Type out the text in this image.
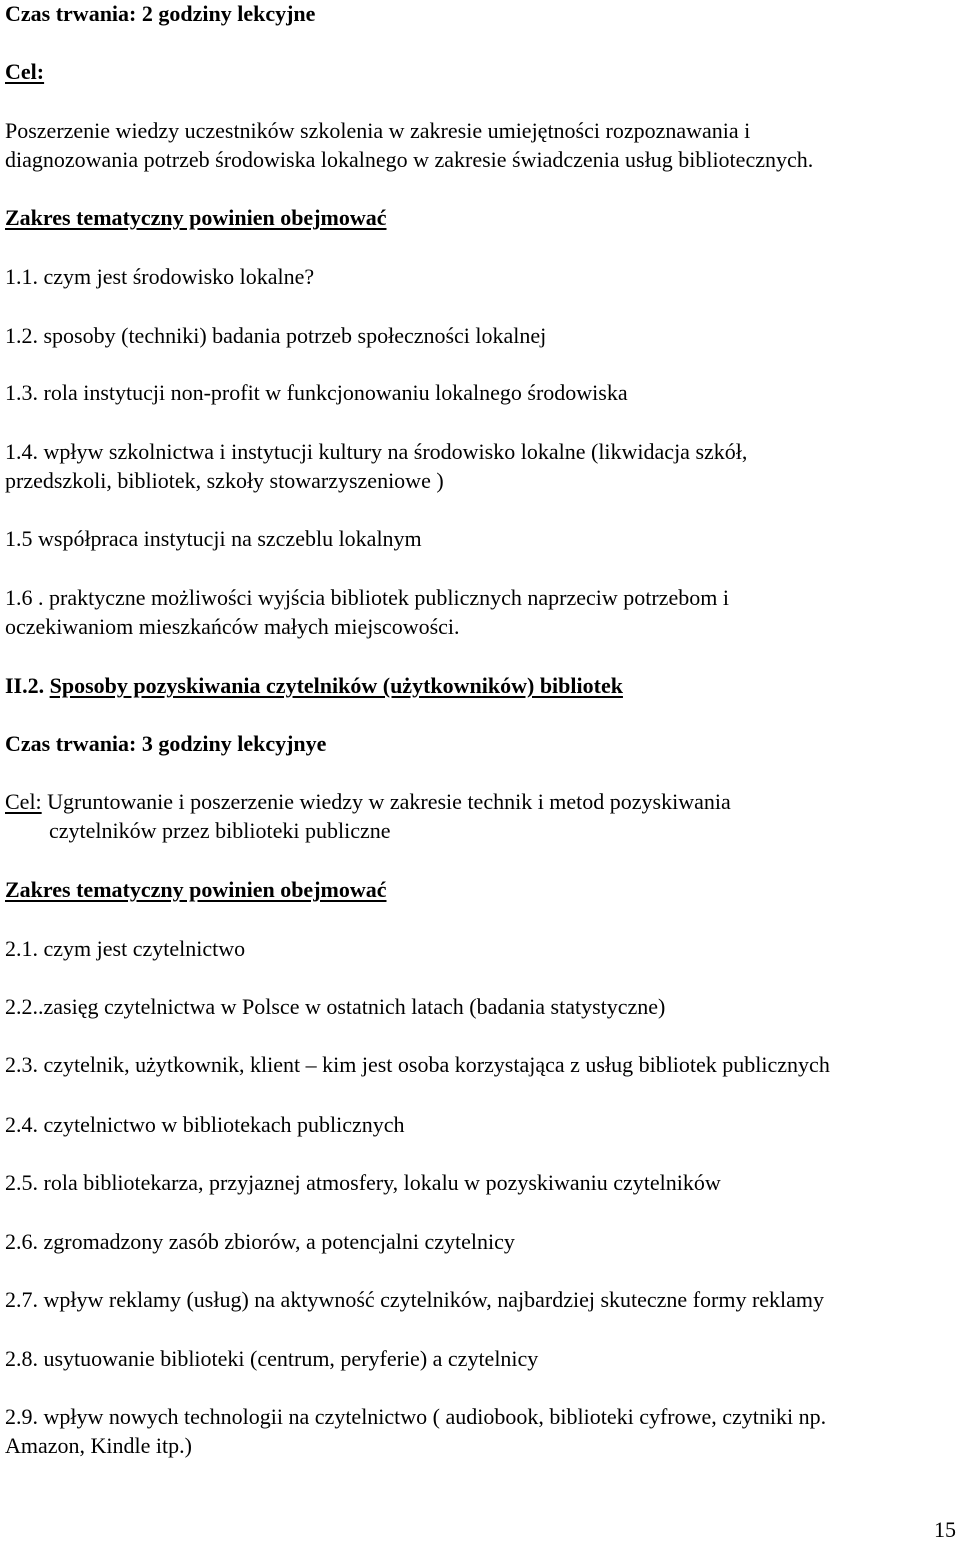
Czas trwania: 2 godziny lekcyjne

Cel:

Poszerzenie wiedzy uczestników szkolenia w zakresie umiejętności rozpoznawania i
diagnozowania potrzeb środowiska lokalnego w zakresie świadczenia usług bibliotecznych.

Zakres tematyczny powinien obejmować

1.1. czym jest środowisko lokalne?

1.2. sposoby (techniki) badania potrzeb społeczności lokalnej

1.3. rola instytucji non-profit w funkcjonowaniu lokalnego środowiska

1.4. wpływ szkolnictwa i instytucji kultury na środowisko lokalne (likwidacja szkół,
przedszkoli, bibliotek, szkoły stowarzyszeniowe )

1.5 współpraca instytucji na szczeblu lokalnym

1.6 . praktyczne możliwości wyjścia bibliotek publicznych naprzeciw potrzebom i
oczekiwaniom mieszkańców małych miejscowości.

II.2. Sposoby pozyskiwania czytelników (użytkowników) bibliotek

Czas trwania: 3 godziny lekcyjnye

Cel: Ugruntowanie i poszerzenie wiedzy w zakresie technik i metod pozyskiwania
czytelników przez biblioteki publiczne

Zakres tematyczny powinien obejmować

2.1. czym jest czytelnictwo

2.2..zasięg czytelnictwa w Polsce w ostatnich latach (badania statystyczne)

2.3. czytelnik, użytkownik, klient – kim jest osoba korzystająca z usług bibliotek publicznych

2.4. czytelnictwo w bibliotekach publicznych

2.5. rola bibliotekarza, przyjaznej atmosfery, lokalu w pozyskiwaniu czytelników

2.6. zgromadzony zasób zbiorów, a potencjalni czytelnicy

2.7. wpływ reklamy (usług) na aktywność czytelników, najbardziej skuteczne formy reklamy

2.8. usytuowanie biblioteki (centrum, peryferie) a czytelnicy

2.9. wpływ nowych technologii na czytelnictwo ( audiobook, biblioteki cyfrowe, czytniki np.
Amazon, Kindle itp.)

15
